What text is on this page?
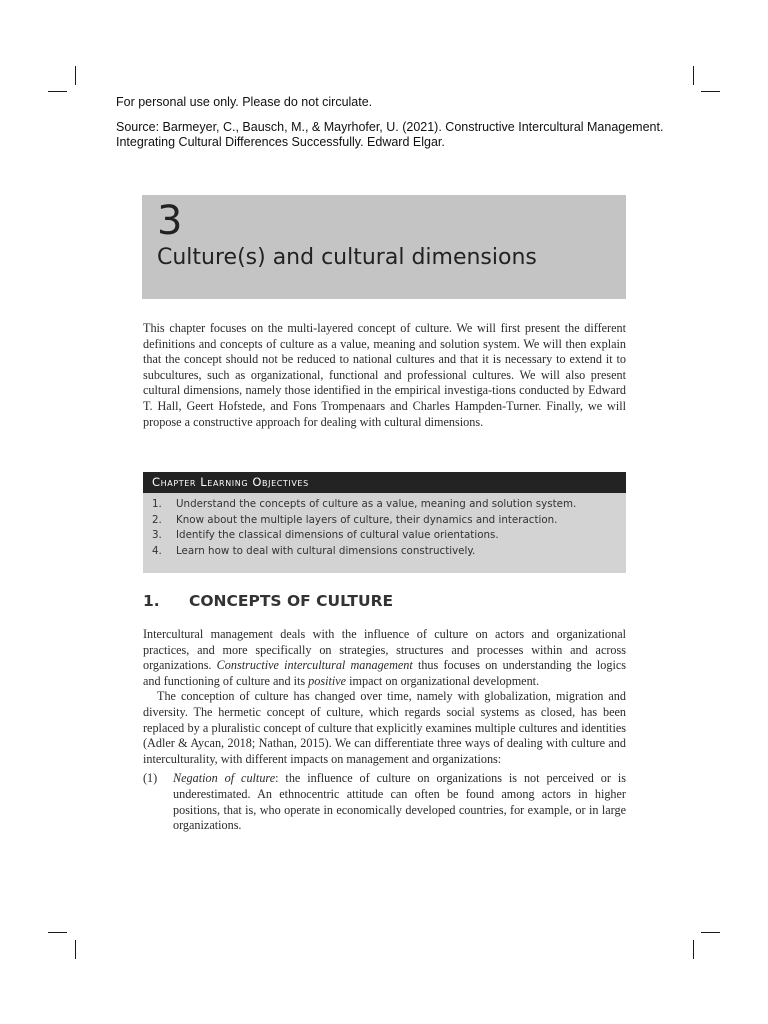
For personal use only. Please do not circulate.

Source: Barmeyer, C., Bausch, M., & Mayrhofer, U. (2021). Constructive Intercultural Management.

Integrating Cultural Differences Successfully. Edward Elgar.

3
Culture(s) and cultural dimensions

This chapter focuses on the multi-layered concept of culture. We will first present the different definitions and concepts of culture as a value, meaning and solution system. We will then explain that the concept should not be reduced to national cultures and that it is necessary to extend it to subcultures, such as organizational, functional and professional cultures. We will also present cultural dimensions, namely those identified in the empirical investiga-tions conducted by Edward T. Hall, Geert Hofstede, and Fons Trompenaars and Charles Hampden-Turner. Finally, we will propose a constructive approach for dealing with cultural dimensions.

Chapter Learning Objectives
1.	Understand the concepts of culture as a value, meaning and solution system.
2.	Know about the multiple layers of culture, their dynamics and interaction.
3.	Identify the classical dimensions of cultural value orientations.
4.	Learn how to deal with cultural dimensions constructively.
1.	CONCEPTS OF CULTURE

Intercultural management deals with the influence of culture on actors and organizational practices, and more specifically on strategies, structures and processes within and across organizations. Constructive intercultural management thus focuses on understanding the logics and functioning of culture and its positive impact on organizational development.

The conception of culture has changed over time, namely with globalization, migration and diversity. The hermetic concept of culture, which regards social systems as closed, has been replaced by a pluralistic concept of culture that explicitly examines multiple cultures and identities (Adler & Aycan, 2018; Nathan, 2015). We can differentiate three ways of dealing with culture and interculturality, with different impacts on management and organizations:

(1)	Negation of culture: the influence of culture on organizations is not perceived or is underestimated. An ethnocentric attitude can often be found among actors in higher positions, that is, who operate in economically developed countries, for example, or in large organizations.
